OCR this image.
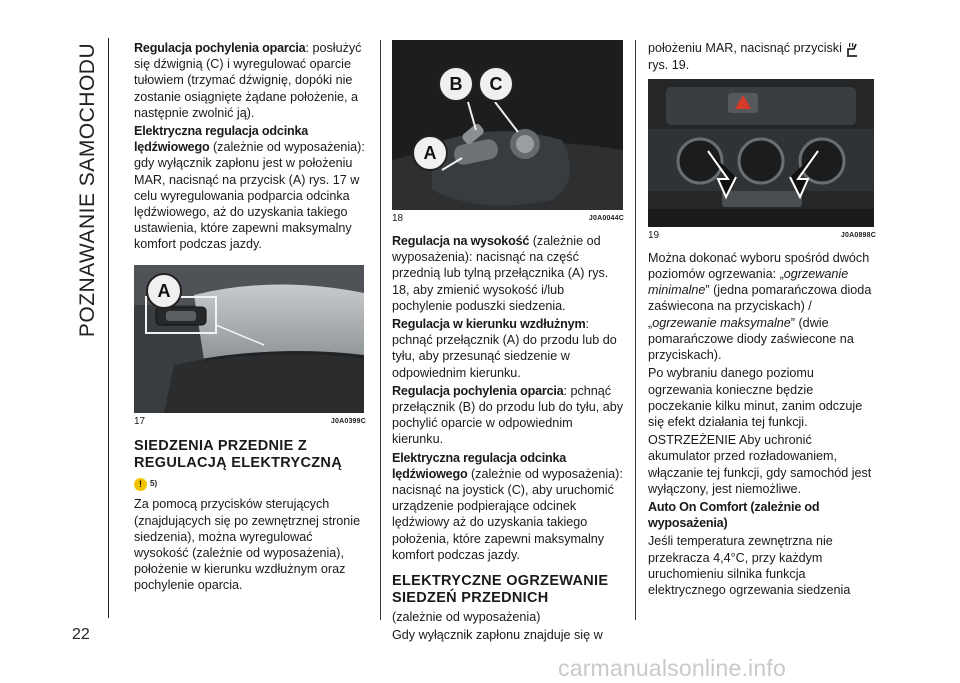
POZNAWANIE SAMOCHODU
22

Regulacja pochylenia oparcia: posłużyć się dźwignią (C) i wyregulować oparcie tułowiem (trzymać dźwignię, dopóki nie zostanie osiągnięte żądane położenie, a następnie zwolnić ją).

Elektryczna regulacja odcinka lędźwiowego (zależnie od wyposażenia): gdy wyłącznik zapłonu jest w położeniu MAR, nacisnąć na przycisk (A) rys. 17 w celu wyregulowania podparcia odcinka lędźwiowego, aż do uzyskania takiego ustawienia, które zapewni maksymalny komfort podczas jazdy.

A
17	J0A0399C
SIEDZENIA PRZEDNIE Z
REGULACJĄ ELEKTRYCZNĄ

! 5)

Za pomocą przycisków sterujących (znajdujących się po zewnętrznej stronie siedzenia), można wyregulować wysokość (zależnie od wyposażenia), położenie w kierunku wzdłużnym oraz pochylenie oparcia.

A
B	C
18	J0A0044C

Regulacja na wysokość (zależnie od wyposażenia): nacisnąć na część przednią lub tylną przełącznika (A) rys. 18, aby zmienić wysokość i/lub pochylenie poduszki siedzenia.

Regulacja w kierunku wzdłużnym: pchnąć przełącznik (A) do przodu lub do tyłu, aby przesunąć siedzenie w odpowiednim kierunku.

Regulacja pochylenia oparcia: pchnąć przełącznik (B) do przodu lub do tyłu, aby pochylić oparcie w odpowiednim kierunku.

Elektryczna regulacja odcinka lędźwiowego (zależnie od wyposażenia): nacisnąć na joystick (C), aby uruchomić urządzenie podpierające odcinek lędźwiowy aż do uzyskania takiego położenia, które zapewni maksymalny komfort podczas jazdy.

ELEKTRYCZNE OGRZEWANIE
SIEDZEŃ PRZEDNICH

(zależnie od wyposażenia)

Gdy wyłącznik zapłonu znajduje się w

położeniu MAR, nacisnąć przyciski
rys. 19.

19	J0A0898C

Można dokonać wyboru spośród dwóch poziomów ogrzewania: „ogrzewanie minimalne” (jedna pomarańczowa dioda zaświecona na przyciskach) / „ogrzewanie maksymalne” (dwie pomarańczowe diody zaświecone na przyciskach).

Po wybraniu danego poziomu ogrzewania konieczne będzie poczekanie kilku minut, zanim odczuje się efekt działania tej funkcji.

OSTRZEŻENIE Aby uchronić akumulator przed rozładowaniem, włączanie tej funkcji, gdy samochód jest wyłączony, jest niemożliwe.

Auto On Comfort (zależnie od wyposażenia)

Jeśli temperatura zewnętrzna nie przekracza 4,4°C, przy każdym uruchomieniu silnika funkcja elektrycznego ogrzewania siedzenia

carmanualsonline.info
